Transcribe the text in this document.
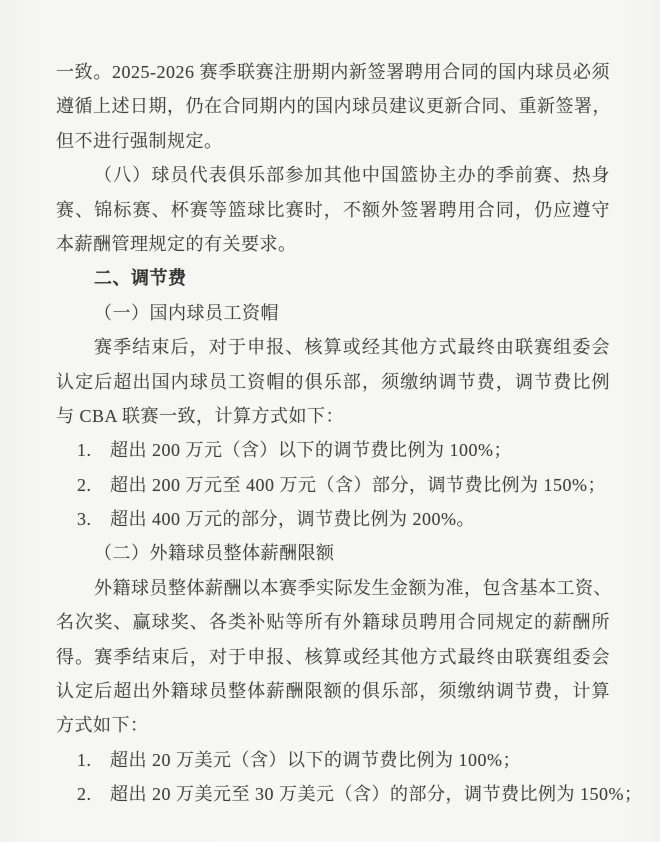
一致。2025-2026 赛季联赛注册期内新签署聘用合同的国内球员必须
遵循上述日期，仍在合同期内的国内球员建议更新合同、重新签署，
但不进行强制规定。
（八）球员代表俱乐部参加其他中国篮协主办的季前赛、热身
赛、锦标赛、杯赛等篮球比赛时，不额外签署聘用合同，仍应遵守
本薪酬管理规定的有关要求。
二、调节费
（一）国内球员工资帽
赛季结束后，对于申报、核算或经其他方式最终由联赛组委会
认定后超出国内球员工资帽的俱乐部，须缴纳调节费，调节费比例
与 CBA 联赛一致，计算方式如下：
1.　超出 200 万元（含）以下的调节费比例为 100%；
2.　超出 200 万元至 400 万元（含）部分，调节费比例为 150%；
3.　超出 400 万元的部分，调节费比例为 200%。
（二）外籍球员整体薪酬限额
外籍球员整体薪酬以本赛季实际发生金额为准，包含基本工资、
名次奖、赢球奖、各类补贴等所有外籍球员聘用合同规定的薪酬所
得。赛季结束后，对于申报、核算或经其他方式最终由联赛组委会
认定后超出外籍球员整体薪酬限额的俱乐部，须缴纳调节费，计算
方式如下：
1.　超出 20 万美元（含）以下的调节费比例为 100%；
2.　超出 20 万美元至 30 万美元（含）的部分，调节费比例为 150%；
